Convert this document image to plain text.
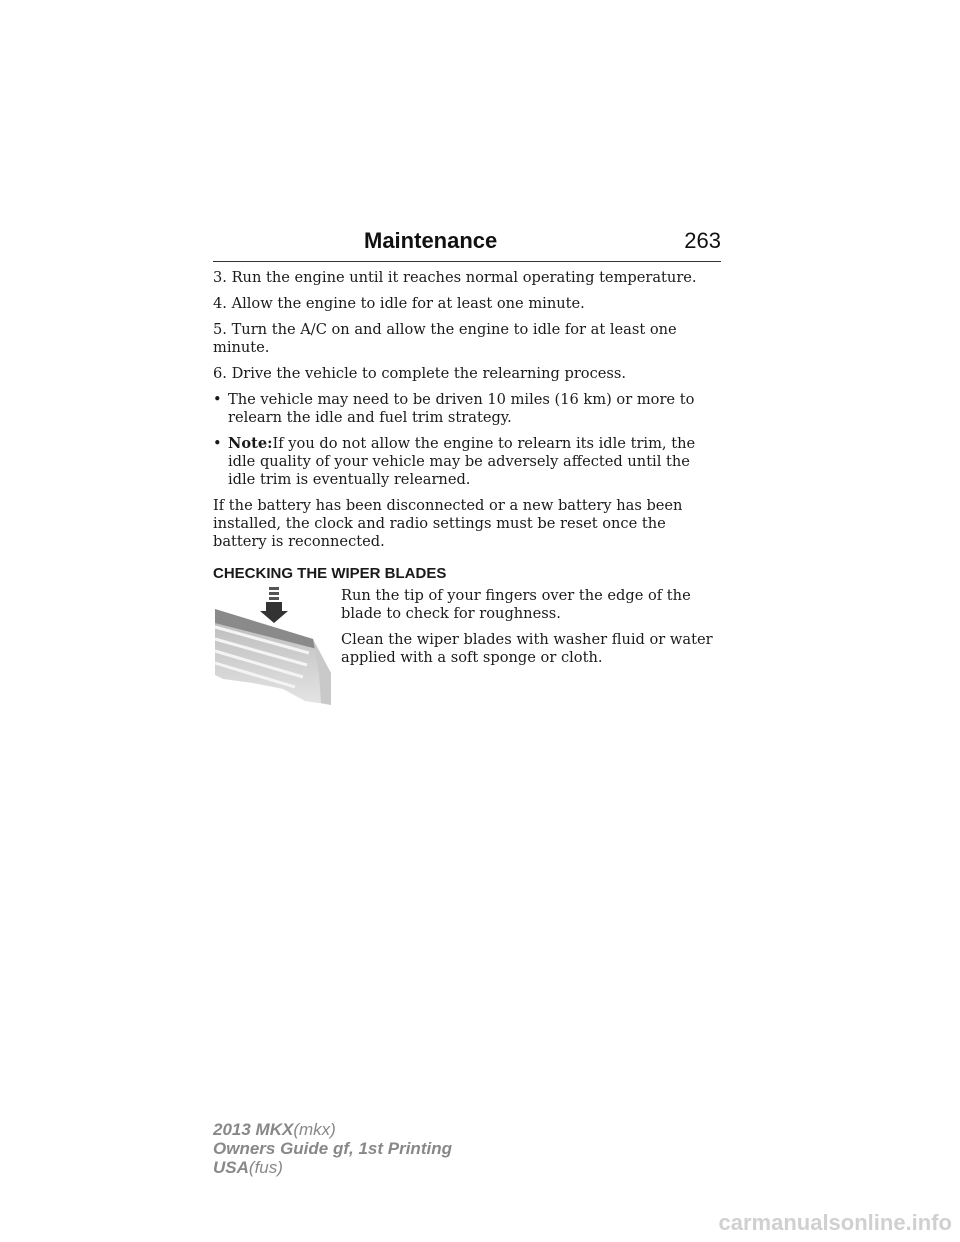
Maintenance	263

3. Run the engine until it reaches normal operating temperature.

4. Allow the engine to idle for at least one minute.

5. Turn the A/C on and allow the engine to idle for at least one minute.

6. Drive the vehicle to complete the relearning process.

• The vehicle may need to be driven 10 miles (16 km) or more to relearn the idle and fuel trim strategy.
• Note:If you do not allow the engine to relearn its idle trim, the idle quality of your vehicle may be adversely affected until the idle trim is eventually relearned.

If the battery has been disconnected or a new battery has been installed, the clock and radio settings must be reset once the battery is reconnected.

CHECKING THE WIPER BLADES

Run the tip of your fingers over the edge of the blade to check for roughness.

Clean the wiper blades with washer fluid or water applied with a soft sponge or cloth.

2013 MKX(mkx)
Owners Guide gf, 1st Printing
USA(fus)
carmanualsonline.info
